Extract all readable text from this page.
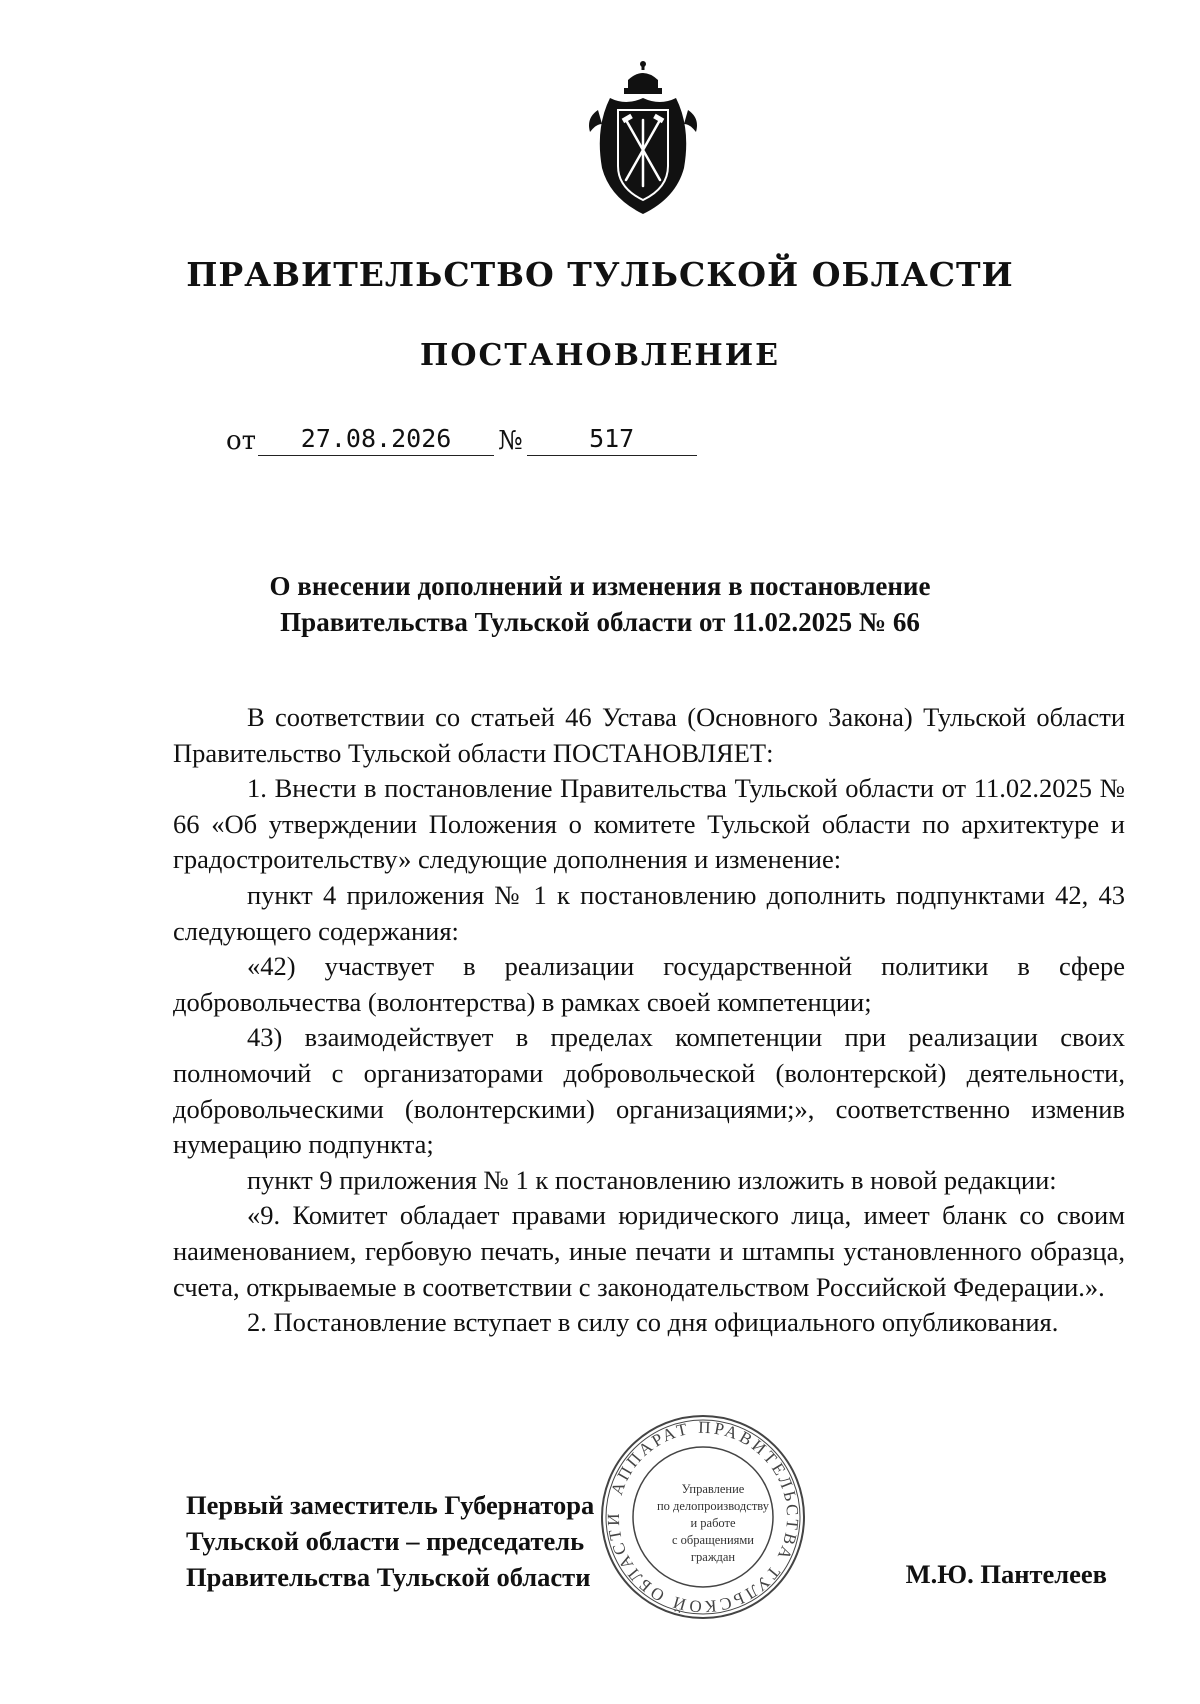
ПРАВИТЕЛЬСТВО ТУЛЬСКОЙ ОБЛАСТИ
ПОСТАНОВЛЕНИЕ
от	27.08.2026	№	517
О внесении дополнений и изменения в постановление
Правительства Тульской области от 11.02.2025 № 66

В соответствии со статьей 46 Устава (Основного Закона) Тульской области Правительство Тульской области ПОСТАНОВЛЯЕТ:

1. Внести в постановление Правительства Тульской области от 11.02.2025 № 66 «Об утверждении Положения о комитете Тульской области по архитектуре и градостроительству» следующие дополнения и изменение:

пункт 4 приложения № 1 к постановлению дополнить подпунктами 42, 43 следующего содержания:

«42) участвует в реализации государственной политики в сфере добровольчества (волонтерства) в рамках своей компетенции;

43) взаимодействует в пределах компетенции при реализации своих полномочий с организаторами добровольческой (волонтерской) деятельности, добровольческими (волонтерскими) организациями;», соответственно изменив нумерацию подпункта;

пункт 9 приложения № 1 к постановлению изложить в новой редакции:

«9. Комитет обладает правами юридического лица, имеет бланк со своим наименованием, гербовую печать, иные печати и штампы установленного образца, счета, открываемые в соответствии с законодательством Российской Федерации.».

2. Постановление вступает в силу со дня официального опубликования.

Первый заместитель Губернатора
Тульской области – председатель
Правительства Тульской области
АППАРАТ ПРАВИТЕЛЬСТВА ТУЛЬСКОЙ ОБЛАСТИ
Управление
по делопроизводству
и работе
с обращениями
граждан
М.Ю. Пантелеев
